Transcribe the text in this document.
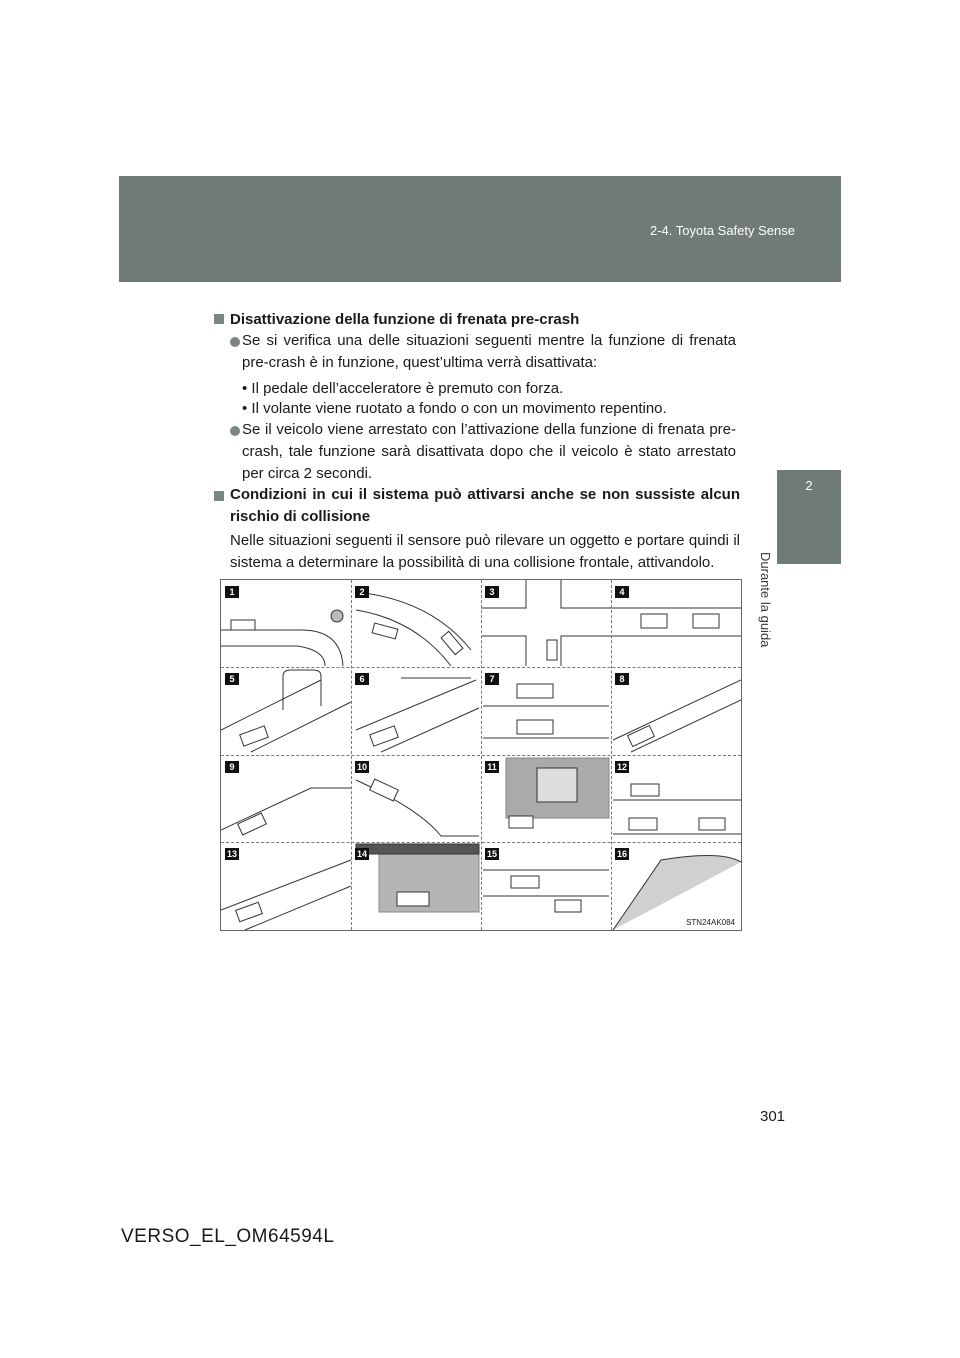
2-4. Toyota Safety Sense
2
Durante la guida
Disattivazione della funzione di frenata pre-crash
Se si verifica una delle situazioni seguenti mentre la funzione di frenata pre-crash è in funzione, quest’ultima verrà disattivata:
• Il pedale dell’acceleratore è premuto con forza.
• Il volante viene ruotato a fondo o con un movimento repentino.
Se il veicolo viene arrestato con l’attivazione della funzione di frenata pre-crash, tale funzione sarà disattivata dopo che il veicolo è stato arrestato per circa 2 secondi.
Condizioni in cui il sistema può attivarsi anche se non sussiste alcun rischio di collisione
Nelle situazioni seguenti il sensore può rilevare un oggetto e portare quindi il sistema a determinare la possibilità di una collisione frontale, attivandolo.
1	2	3	4
5	6	7	8
9	10	11	12
13	14	15	16
STN24AK084
301
VERSO_EL_OM64594L
